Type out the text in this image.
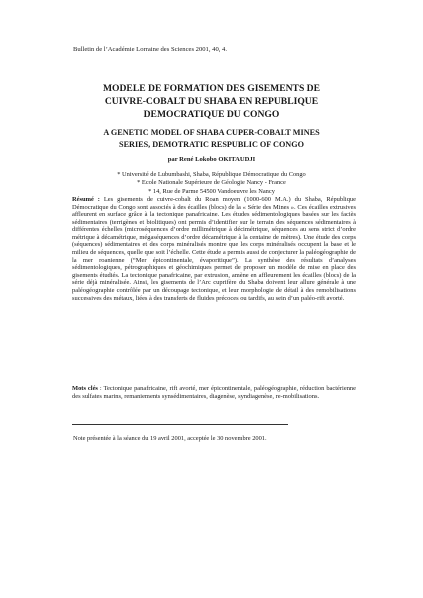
Bulletin de l’Académie Lorraine des Sciences 2001, 40, 4.
MODELE DE FORMATION DES GISEMENTS DE
CUIVRE-COBALT DU SHABA EN REPUBLIQUE
DEMOCRATIQUE DU CONGO
A GENETIC MODEL OF SHABA CUPER-COBALT MINES
SERIES, DEMOTRATIC RESPUBLIC OF CONGO
par René Lokobo OKITAUDJI
* Université de Lubumbashi, Shaba, République Démocratique du Congo
* Ecole Nationale Supérieure de Géologie Nancy - France
* 14, Rue de Parme 54500 Vandoeuvre les Nancy
Résumé : Les gisements de cuivre-cobalt du Roan moyen (1000-600 M.A.) du Shaba, République Démocratique du Congo sont associés à des écailles (blocs) de la « Série des Mines ». Ces écailles extrusives affleurent en surface grâce à la tectonique panafricaine. Les études sédimentologiques basées sur les faciès sédimentaires (terrigènes et biolitiques) ont permis d’identifier sur le terrain des séquences sédimentaires à différentes échelles (microséquences d’ordre millimétrique à décimétrique, séquences au sens strict d’ordre métrique à décamétrique, mégaséquences d’ordre décamétrique à la centaine de mètres). Une étude des corps (séquences) sédimentaires et des corps minéralisés montre que les corps minéralisés occupent la base et le milieu de séquences, quelle que soit l’échelle. Cette étude a permis aussi de conjecturer la paléogéographie de la mer roanienne (“Mer épicontinentale, évaporitique”). La synthèse des résultats d’analyses sédimentologiques, pétrographiques et géochimiques permet de proposer un modèle de mise en place des gisements étudiés. La tectonique panafricaine, par extrusion, amène en affleurement les écailles (blocs) de la série déjà minéralisée. Ainsi, les gisements de l’Arc cuprifère du Shaba doivent leur allure générale à une paléogéographie contrôlée par un découpage tectonique, et leur morphologie de détail à des remobilisations successives des métaux, liées à des transferts de fluides précoces ou tardifs, au sein d’un paléo-rift avorté.
Mots clés : Tectonique panafricaine, rift avorté, mer épicontinentale, paléogéographie, réduction bactérienne des sulfates marins, remaniements synsédimentaires, diagenèse, syndiagenèse, re-mobilisations.
Note présentée à la séance du 19 avril 2001, acceptée le 30 novembre 2001.
